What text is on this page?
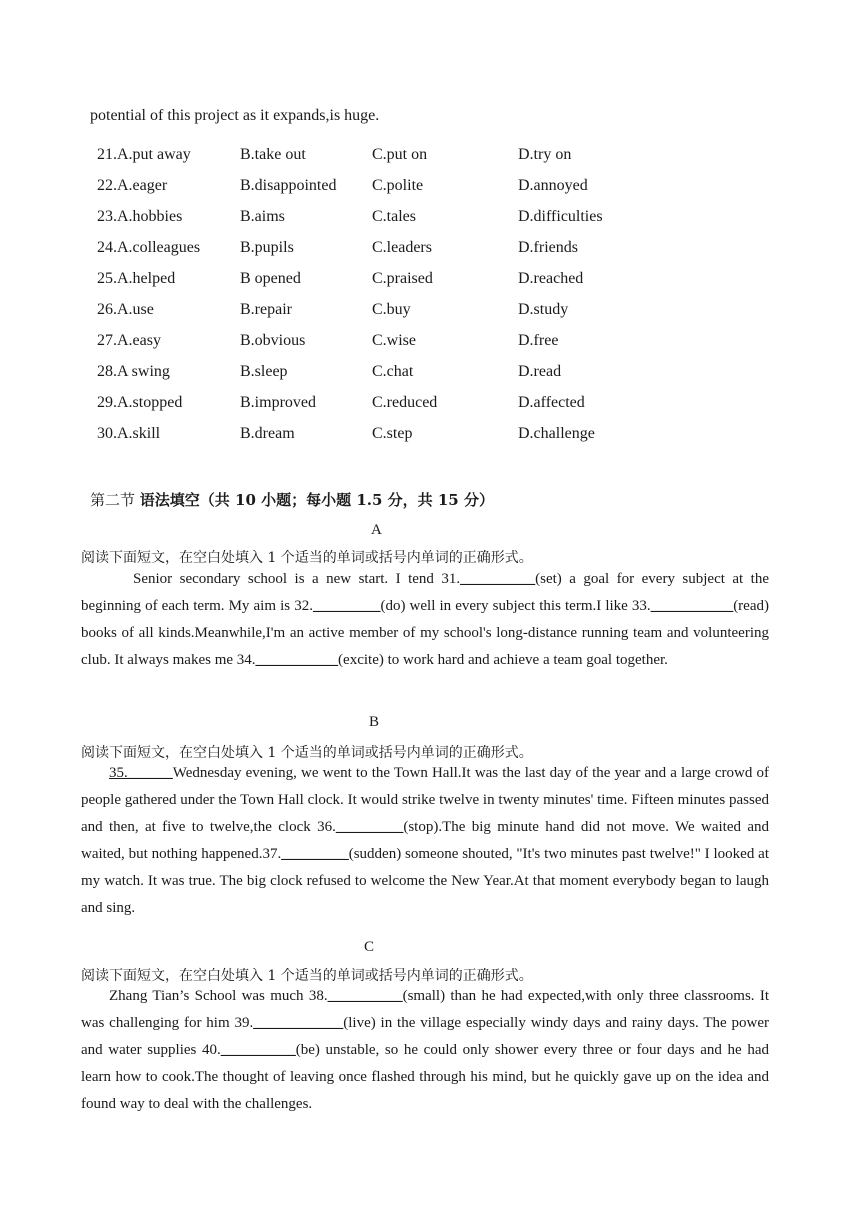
potential of this project as it expands,is huge.
21.A.put away	B.take out	C.put on	D.try on
22.A.eager	B.disappointed C.polite	D.annoyed
23.A.hobbies	B.aims	C.tales	D.difficulties
24.A.colleagues B.pupils	C.leaders	D.friends
25.A.helped	B opened	C.praised	D.reached
26.A.use	B.repair	C.buy	D.study
27.A.easy	B.obvious	C.wise	D.free
28.A swing	B.sleep	C.chat	D.read
29.A.stopped	B.improved	C.reduced	D.affected
30.A.skill	B.dream	C.step	D.challenge
第二节 语法填空（共 10 小题；每小题 1.5 分，共 15 分）
A
阅读下面短文，在空白处填入 1 个适当的单词或括号内单词的正确形式。

Senior secondary school is a new start. I tend 31.__________(set) a goal for every subject at the beginning of each term. My aim is 32._________(do) well in every subject this term.I like 33.___________(read) books of all kinds.Meanwhile,I'm an active member of my school's long-distance running team and volunteering club. It always makes me 34.___________(excite) to work hard and achieve a team goal together.

B
阅读下面短文，在空白处填入 1 个适当的单词或括号内单词的正确形式。

35.______Wednesday evening, we went to the Town Hall.It was the last day of the year and a large crowd of people gathered under the Town Hall clock. It would strike twelve in twenty minutes' time. Fifteen minutes passed and then, at five to twelve,the clock 36._________(stop).The big minute hand did not move. We waited and waited, but nothing happened.37._________(sudden) someone shouted, "It's two minutes past twelve!" I looked at my watch. It was true. The big clock refused to welcome the New Year.At that moment everybody began to laugh and sing.

C
阅读下面短文，在空白处填入 1 个适当的单词或括号内单词的正确形式。

Zhang Tian’s School was much 38.__________(small) than he had expected,with only three classrooms. It was challenging for him 39.____________(live) in the village especially windy days and rainy days. The power and water supplies 40.__________(be) unstable, so he could only shower every three or four days and he had learn how to cook.The thought of leaving once flashed through his mind, but he quickly gave up on the idea and found way to deal with the challenges.
